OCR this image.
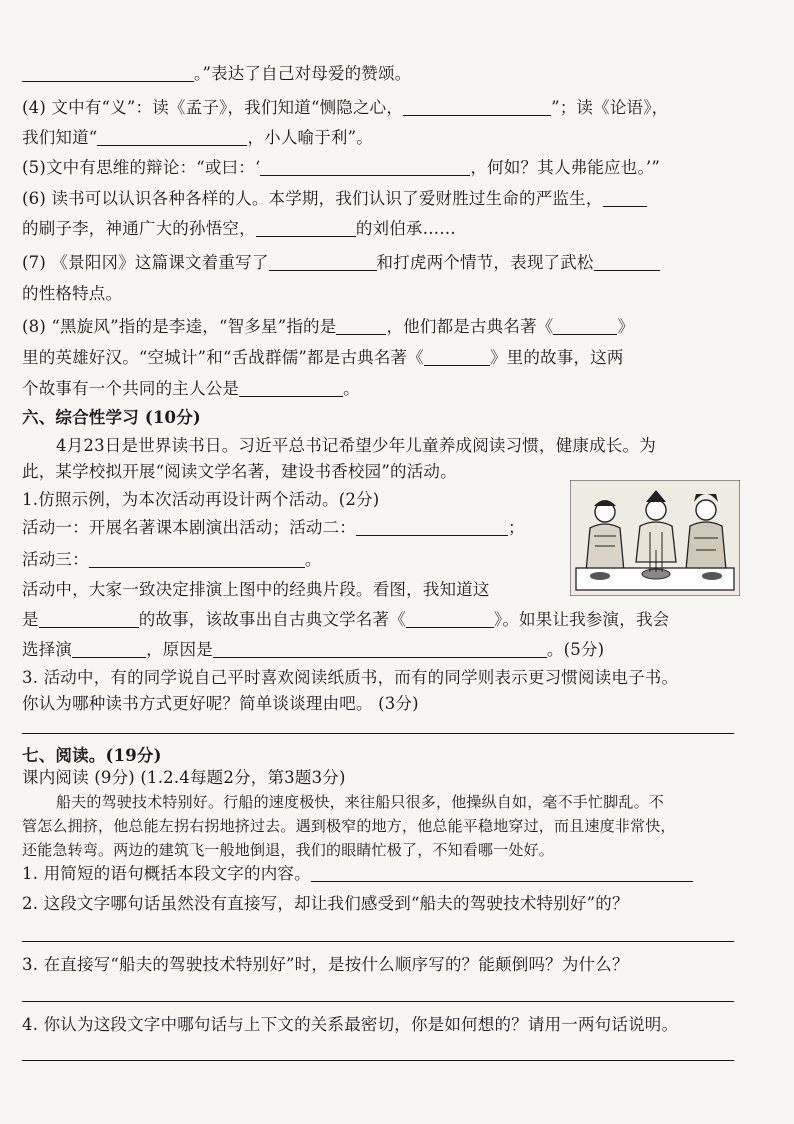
。”表达了自己对母爱的赞颂。
(4) 文中有“义”：读《孟子》，我们知道“恻隐之心，	”；读《论语》，
我们知道“	，小人喻于利”。
(5)文中有思维的辩论：“或曰：‘	，何如？其人弗能应也。’”
(6) 读书可以认识各种各样的人。本学期，我们认识了爱财胜过生命的严监生，
的刷子李，神通广大的孙悟空，	的刘伯承……
(7) 《景阳冈》这篇课文着重写了	和打虎两个情节，表现了武松
的性格特点。
(8) “黑旋风”指的是李逵，“智多星”指的是	，他们都是古典名著《	》
里的英雄好汉。“空城计”和“舌战群儒”都是古典名著《	》里的故事，这两
个故事有一个共同的主人公是	。
六、综合性学习 (10分)
4月23日是世界读书日。习近平总书记希望少年儿童养成阅读习惯，健康成长。为
此，某学校拟开展“阅读文学名著，建设书香校园”的活动。
1.仿照示例，为本次活动再设计两个活动。(2分)
活动一：开展名著课本剧演出活动；活动二：	；
活动三：	。
活动中，大家一致决定排演上图中的经典片段。看图，我知道这
是	的故事，该故事出自古典文学名著《	》。如果让我参演，我会
选择演	，原因是	。(5分)
3. 活动中，有的同学说自己平时喜欢阅读纸质书，而有的同学则表示更习惯阅读电子书。
你认为哪种读书方式更好呢？简单谈谈理由吧。 (3分)
七、阅读。(19分)
课内阅读 (9分) (1.2.4每题2分，第3题3分)
船夫的驾驶技术特别好。行船的速度极快，来往船只很多，他操纵自如，毫不手忙脚乱。不
管怎么拥挤，他总能左拐右拐地挤过去。遇到极窄的地方，他总能平稳地穿过，而且速度非常快，
还能急转弯。两边的建筑飞一般地倒退，我们的眼睛忙极了，不知看哪一处好。
1. 用简短的语句概括本段文字的内容。
2. 这段文字哪句话虽然没有直接写，却让我们感受到“船夫的驾驶技术特别好”的？
3. 在直接写“船夫的驾驶技术特别好”时，是按什么顺序写的？能颠倒吗？为什么？
4. 你认为这段文字中哪句话与上下文的关系最密切，你是如何想的？请用一两句话说明。
